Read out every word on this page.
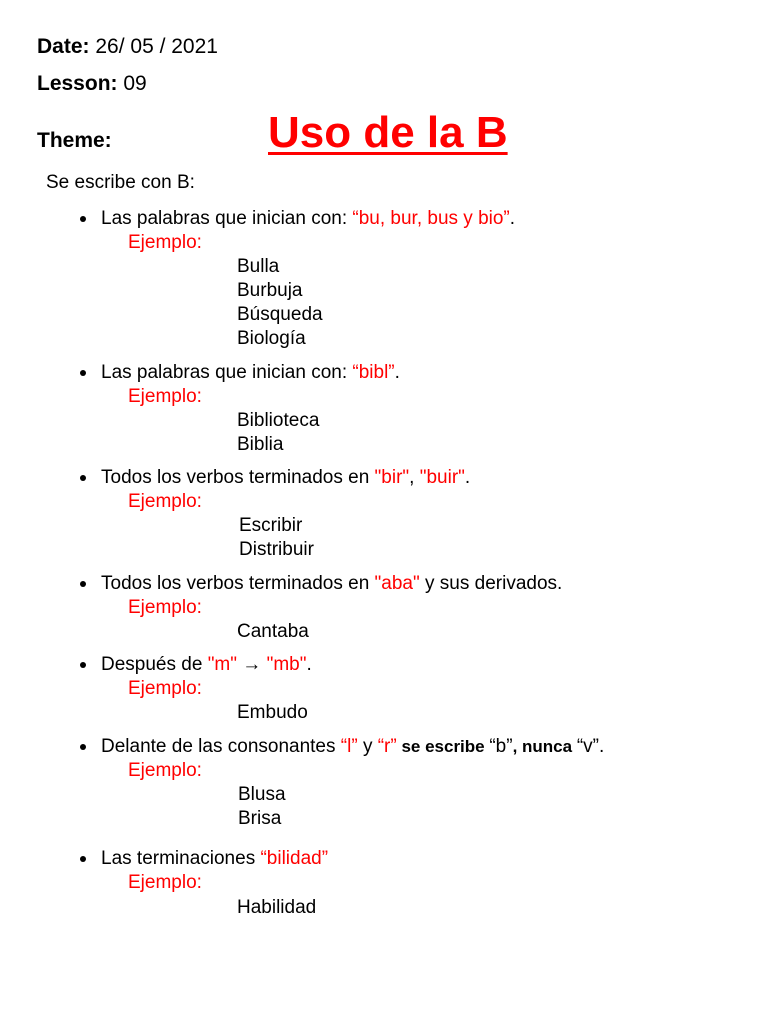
Date: 26/ 05 / 2021
Lesson: 09
Theme:	Uso de la B
Se escribe con B:
Las palabras que inician con: “bu, bur, bus y bio”.
Ejemplo:
Bulla
Burbuja
Búsqueda
Biología
Las palabras que inician con: “bibl”.
Ejemplo:
Biblioteca
Biblia
Todos los verbos terminados en "bir", "buir".
Ejemplo:
Escribir
Distribuir
Todos los verbos terminados en "aba" y sus derivados.
Ejemplo:
Cantaba
Después de "m" → "mb".
Ejemplo:
Embudo
Delante de las consonantes “l” y “r” se escribe “b”, nunca “v”.
Ejemplo:
Blusa
Brisa
Las terminaciones “bilidad”
Ejemplo:
Habilidad
